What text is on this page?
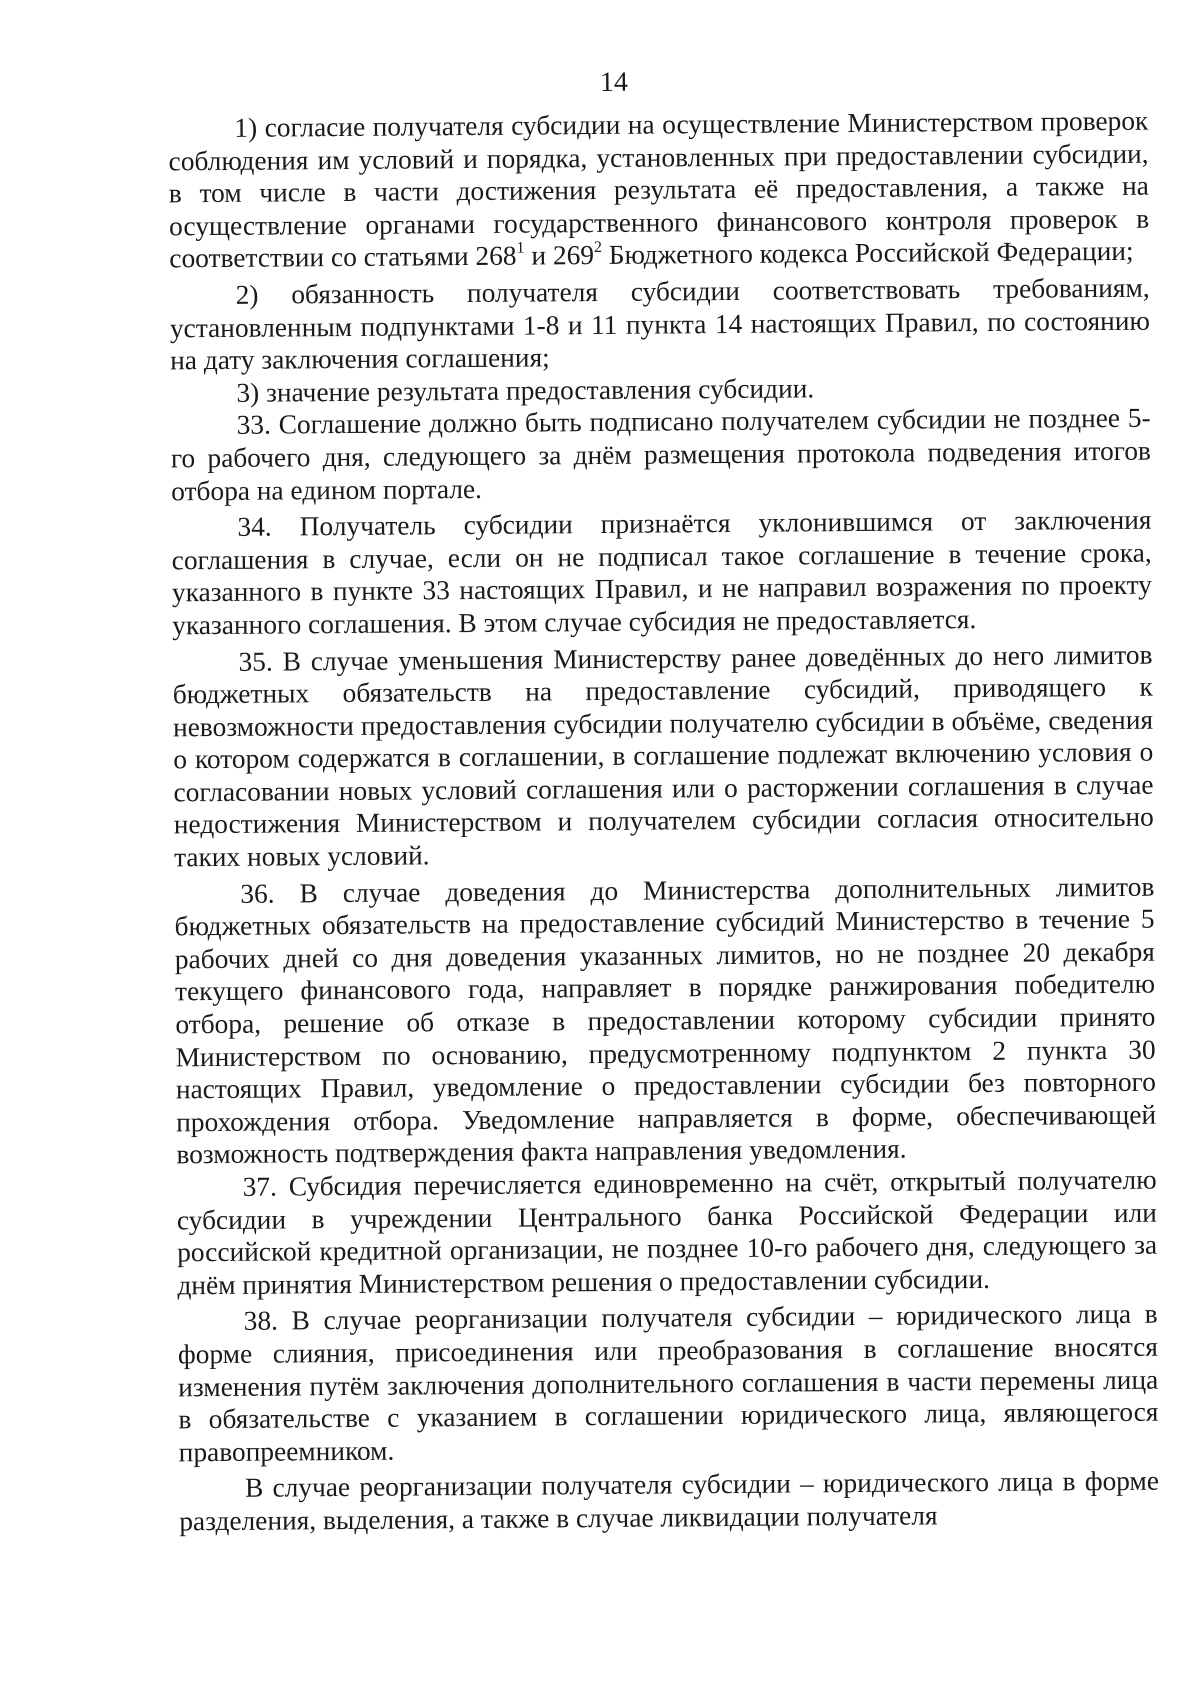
14

1) согласие получателя субсидии на осуществление Министерством проверок соблюдения им условий и порядка, установленных при предоставлении субсидии, в том числе в части достижения результата её предоставления, а также на осуществление органами государственного финансового контроля проверок в соответствии со статьями $268^1$ и $269^2$ Бюджетного кодекса Российской Федерации;

2) обязанность получателя субсидии соответствовать требованиям, установленным подпунктами 1-8 и 11 пункта 14 настоящих Правил, по состоянию на дату заключения соглашения;

3) значение результата предоставления субсидии.

33. Соглашение должно быть подписано получателем субсидии не позднее 5-го рабочего дня, следующего за днём размещения протокола подведения итогов отбора на едином портале.

34. Получатель субсидии признаётся уклонившимся от заключения соглашения в случае, если он не подписал такое соглашение в течение срока, указанного в пункте 33 настоящих Правил, и не направил возражения по проекту указанного соглашения. В этом случае субсидия не предоставляется.

35. В случае уменьшения Министерству ранее доведённых до него лимитов бюджетных обязательств на предоставление субсидий, приводящего к невозможности предоставления субсидии получателю субсидии в объёме, сведения о котором содержатся в соглашении, в соглашение подлежат включению условия о согласовании новых условий соглашения или о расторжении соглашения в случае недостижения Министерством и получателем субсидии согласия относительно таких новых условий.

36. В случае доведения до Министерства дополнительных лимитов бюджетных обязательств на предоставление субсидий Министерство в течение 5 рабочих дней со дня доведения указанных лимитов, но не позднее 20 декабря текущего финансового года, направляет в порядке ранжирования победителю отбора, решение об отказе в предоставлении которому субсидии принято Министерством по основанию, предусмотренному подпунктом 2 пункта 30 настоящих Правил, уведомление о предоставлении субсидии без повторного прохождения отбора. Уведомление направляется в форме, обеспечивающей возможность подтверждения факта направления уведомления.

37. Субсидия перечисляется единовременно на счёт, открытый получателю субсидии в учреждении Центрального банка Российской Федерации или российской кредитной организации, не позднее 10-го рабочего дня, следующего за днём принятия Министерством решения о предоставлении субсидии.

38. В случае реорганизации получателя субсидии – юридического лица в форме слияния, присоединения или преобразования в соглашение вносятся изменения путём заключения дополнительного соглашения в части перемены лица в обязательстве с указанием в соглашении юридического лица, являющегося правопреемником.

В случае реорганизации получателя субсидии – юридического лица в форме разделения, выделения, а также в случае ликвидации получателя
